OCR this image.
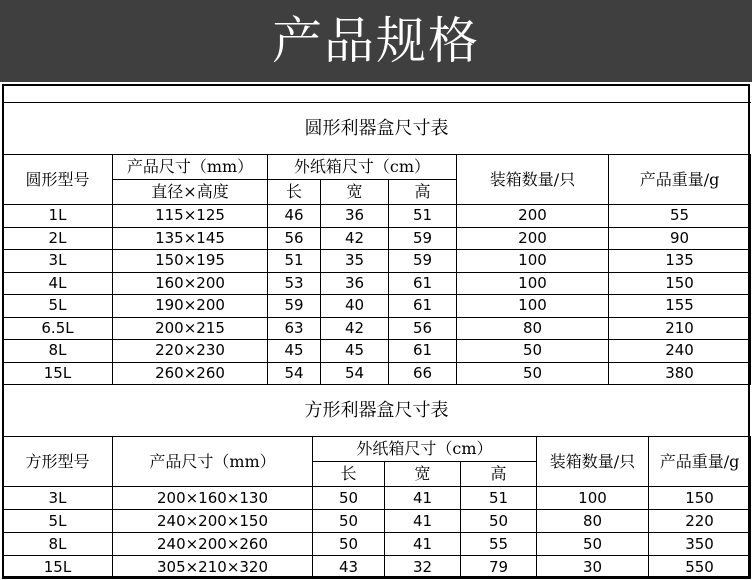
产品规格
圆形利器盒尺寸表						
圆形型号	产品尺寸（mm）	外纸箱尺寸（cm）			装箱数量/只	产品重量/g
	直径×高度	长	宽	高		
1L	115×125	46	36	51	200	55
2L	135×145	56	42	59	200	90
3L	150×195	51	35	59	100	135
4L	160×200	53	36	61	100	150
5L	190×200	59	40	61	100	155
6.5L	200×215	63	42	56	80	210
8L	220×230	45	45	61	50	240
15L	260×260	54	54	66	50	380
方形利器盒尺寸表						
方形型号	产品尺寸（mm）	外纸箱尺寸（cm）			装箱数量/只	产品重量/g
		长	宽	高		
3L	200×160×130	50	41	51	100	150
5L	240×200×150	50	41	50	80	220
8L	240×200×260	50	41	55	50	350
15L	305×210×320	43	32	79	30	550
